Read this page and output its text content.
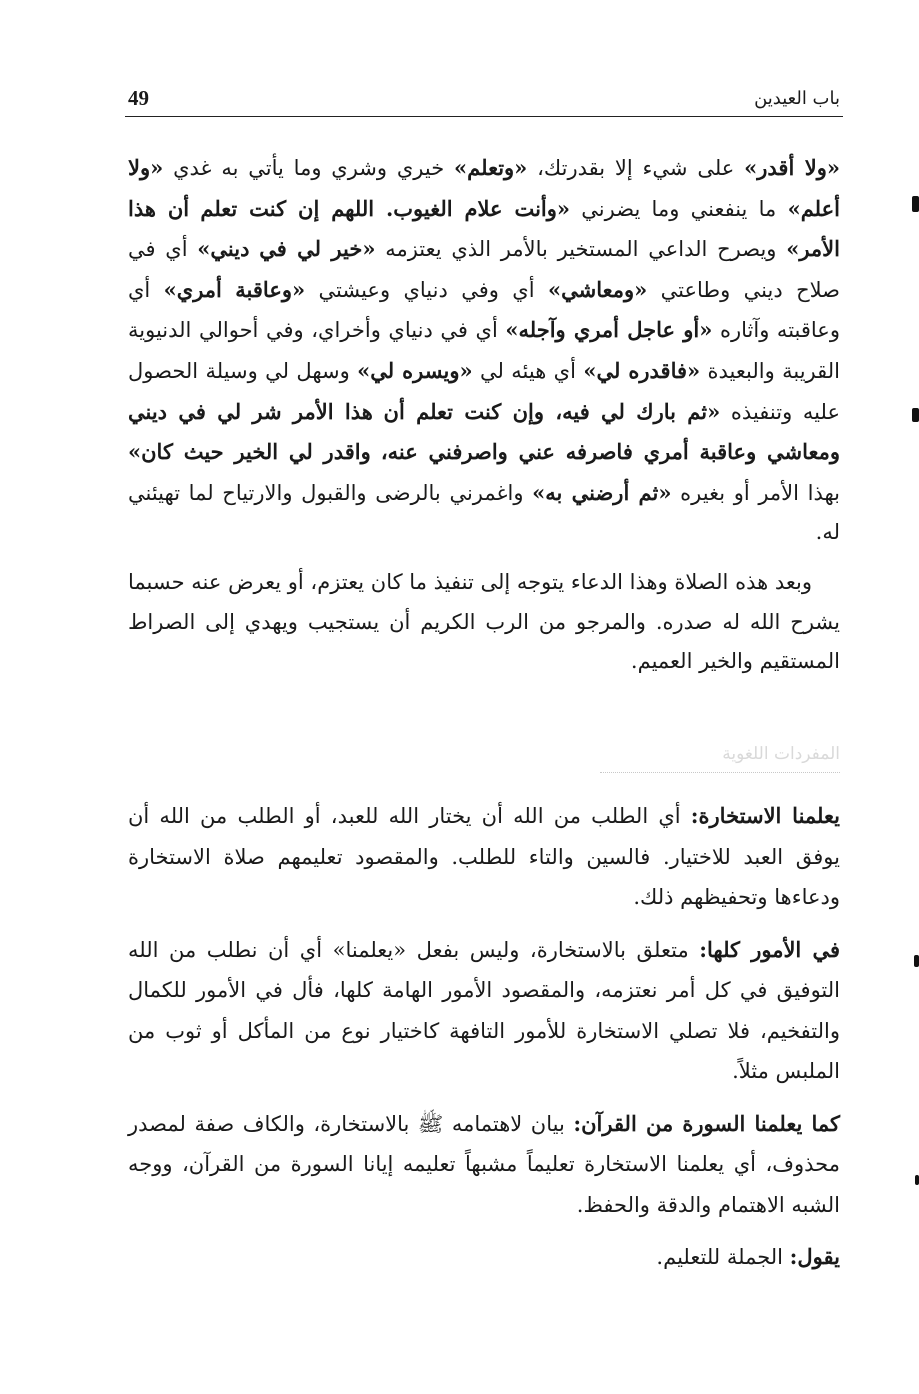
49	باب العيدين

«ولا أقدر» على شيء إلا بقدرتك، «وتعلم» خيري وشري وما يأتي به غدي «ولا أعلم» ما ينفعني وما يضرني «وأنت علام الغيوب. اللهم إن كنت تعلم أن هذا الأمر» ويصرح الداعي المستخير بالأمر الذي يعتزمه «خير لي في ديني» أي في صلاح ديني وطاعتي «ومعاشي» أي وفي دنياي وعيشتي «وعاقبة أمري» أي وعاقبته وآثاره «أو عاجل أمري وآجله» أي في دنياي وأخراي، وفي أحوالي الدنيوية القريبة والبعيدة «فاقدره لي» أي هيئه لي «ويسره لي» وسهل لي وسيلة الحصول عليه وتنفيذه «ثم بارك لي فيه، وإن كنت تعلم أن هذا الأمر شر لي في ديني ومعاشي وعاقبة أمري فاصرفه عني واصرفني عنه، واقدر لي الخير حيث كان» بهذا الأمر أو بغيره «ثم أرضني به» واغمرني بالرضى والقبول والارتياح لما تهيئني له.

وبعد هذه الصلاة وهذا الدعاء يتوجه إلى تنفيذ ما كان يعتزم، أو يعرض عنه حسبما يشرح الله له صدره. والمرجو من الرب الكريم أن يستجيب ويهدي إلى الصراط المستقيم والخير العميم.

المفردات اللغوية

يعلمنا الاستخارة: أي الطلب من الله أن يختار الله للعبد، أو الطلب من الله أن يوفق العبد للاختيار. فالسين والتاء للطلب. والمقصود تعليمهم صلاة الاستخارة ودعاءها وتحفيظهم ذلك.

في الأمور كلها: متعلق بالاستخارة، وليس بفعل «يعلمنا» أي أن نطلب من الله التوفيق في كل أمر نعتزمه، والمقصود الأمور الهامة كلها، فأل في الأمور للكمال والتفخيم، فلا تصلي الاستخارة للأمور التافهة كاختيار نوع من المأكل أو ثوب من الملبس مثلاً.

كما يعلمنا السورة من القرآن: بيان لاهتمامه ﷺ بالاستخارة، والكاف صفة لمصدر محذوف، أي يعلمنا الاستخارة تعليماً مشبهاً تعليمه إيانا السورة من القرآن، ووجه الشبه الاهتمام والدقة والحفظ.

يقول: الجملة للتعليم.
